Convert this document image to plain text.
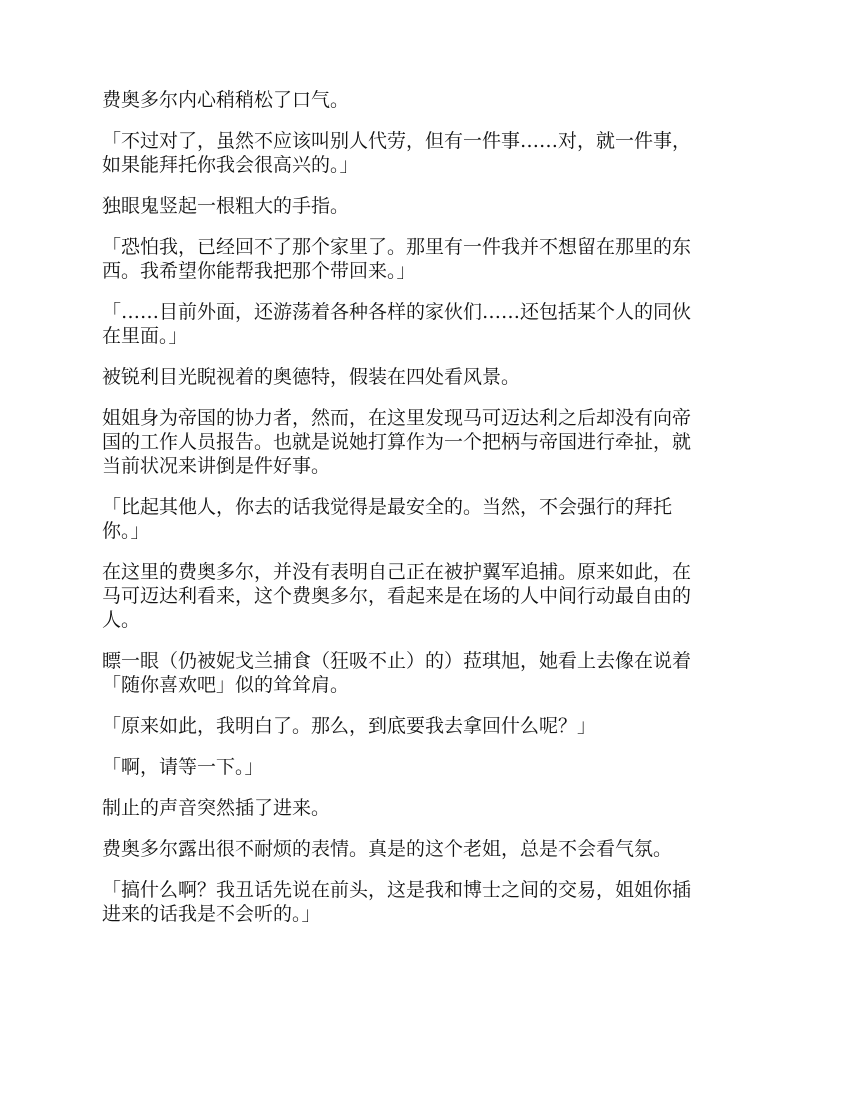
费奥多尔内心稍稍松了口气。

「不过对了，虽然不应该叫别人代劳，但有一件事……对，就一件事，
如果能拜托你我会很高兴的。」

独眼鬼竖起一根粗大的手指。

「恐怕我，已经回不了那个家里了。那里有一件我并不想留在那里的东
西。我希望你能帮我把那个带回来。」

「……目前外面，还游荡着各种各样的家伙们……还包括某个人的同伙
在里面。」

被锐利目光睨视着的奥德特，假装在四处看风景。

姐姐身为帝国的协力者，然而，在这里发现马可迈达利之后却没有向帝
国的工作人员报告。也就是说她打算作为一个把柄与帝国进行牵扯，就
当前状况来讲倒是件好事。

「比起其他人，你去的话我觉得是最安全的。当然，不会强行的拜托
你。」

在这里的费奥多尔，并没有表明自己正在被护翼军追捕。原来如此，在
马可迈达利看来，这个费奥多尔，看起来是在场的人中间行动最自由的
人。

瞟一眼（仍被妮戈兰捕食（狂吸不止）的）菈琪旭，她看上去像在说着
「随你喜欢吧」似的耸耸肩。

「原来如此，我明白了。那么，到底要我去拿回什么呢？」

「啊，请等一下。」

制止的声音突然插了进来。

费奥多尔露出很不耐烦的表情。真是的这个老姐，总是不会看气氛。

「搞什么啊？我丑话先说在前头，这是我和博士之间的交易，姐姐你插
进来的话我是不会听的。」
